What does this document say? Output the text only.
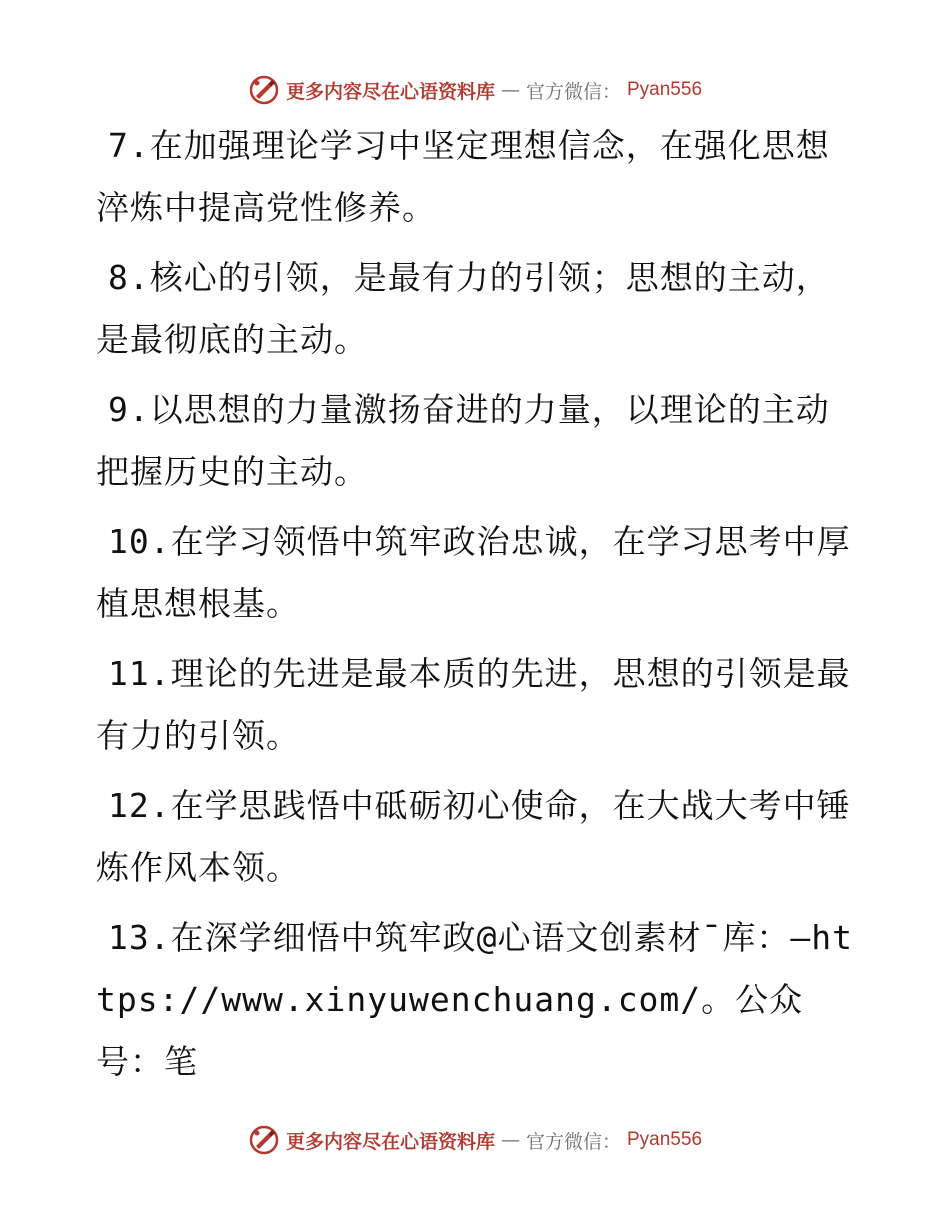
更多内容尽在心语资料库 — 官方微信： Pyan556

7.在加强理论学习中坚定理想信念，在强化思想淬炼中提高党性修养。

8.核心的引领，是最有力的引领；思想的主动，是最彻底的主动。

9.以思想的力量激扬奋进的力量，以理论的主动把握历史的主动。

10.在学习领悟中筑牢政治忠诚，在学习思考中厚植思想根基。

11.理论的先进是最本质的先进，思想的引领是最有力的引领。

12.在学思践悟中砥砺初心使命，在大战大考中锤炼作风本领。

13.在深学细悟中筑牢政@心语文创素材¯库：—https://www.xinyuwenchuang.com/。公众号：笔

更多内容尽在心语资料库 — 官方微信： Pyan556
